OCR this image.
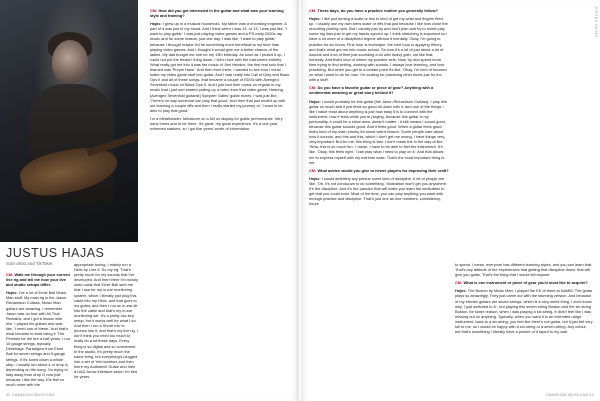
JUSTUS HAJAS
Solo artist and TikToker

CM: Walk me through your current live rig and tell me how your live and studio setups differ.

Hajas: I've a lot of Ernie Ball Music Man stuff. My main rig is the Jason Richardson Cutlass, Music Man guitars are amazing. I remember Jason was on tour with All That Remains, and I got a lesson with him. I played his guitars and was like, 'I need one of these.' And that's what became to start using it. The Pennies for me are a half years. I run 10 gauge strings, typically Dimebags. Paradigms from Ernie Ball for seven strings and 9-gauge strings. If it's tuned down a whole step, I usually run about 4 or drop A, depending on the song. I'm trying to stay away from drop G now just because I like the way 10s feel so much more with the

appropriate tuning. I mainly run a Helix by Line 6. So my rig. That's pretty much for my sounds that I've developed. And then there I'm mostly used cable that Ernie Ball sent me that I use for my in-ear monitoring system, which I literally just plug this cable into my Helix, and that goes to my guitar, and then I run an in-ear kit into the cable and that's my in-ear monitoring set. It's a pretty low-key setup, but it works well for what I do. And then I run a Shure mic to phones into it, and that's my live rig. I don't think you need too much to really do a lot these days. Every thing is so digital and so convenient. In the studio, it's pretty much the same thing, but everything's plugged into a set of Yeti monitors and then there my Audiotech Guitar and then a UAD Arrow interface which I'm tied for years.

CM: How did you get interested in the guitar and what was your learning style and training?

Hajas: I grew up in a musical household. My father was a recording engineer. A part of it was just in my blood. And I think when I was 13, or 13, I was just like, 'I want to play guitar.' I was just playing video games and a PS-early 2000s rap music and for some reason, just one day, I was like, 'I want to play guitar,' because I thought maybe it'd be something more beneficial to my time than playing video games. And I thought it would give me a better chance of the ladies. My dad bought me one for my 13th birthday. As soon as I picked it up, I could not put the freakin' thing down. I fell in love with the instrument entirely. What really got me into it was the music of Jimi Hendrix; the first real solo that I learned was 'Purple Haze.' And then from there, I wanted to see how I could make my video game stuff into guitar. And I was really into Call of Duty and Black Ops II and all of these songs, that became a couple of EDGs with Avenged Sevenfold music on Black Ops II. And I just had their music on regular in my music that I just sort started putting up a video from that video game. Hearing [Avenged Sevenfold guitarist] Synyster Gates' guitar riches, I was just like, 'There's no way someone can play that good.' And then that just ended up with me learning a couple riffs and then I really started my journey of, 'I want to be able to play that good.'

I'm a Metalheader. Metalcore on a full on display for guitar performance. Very early forms and to be there. It's great, my great experience. It's a one year schemed stations, so I got five years' worth of information.

32 CANADIAN MUSICIAN

CM: These days, do you have a practice routine you generally follow?

Hajas: I like just turning a scale or two to kind of get my wrist and fingers fired up. I usually use my own arms scale or riffs that just because I like how close the recording picking runs. But I usually just try and don't plan and try to shred play some big licks just to get my hands synced up. I think stretching is important so I have a lot more of a disciplined regime without it mentally. Okay, I'm going to practice for six hours. First hour is technique, the next hour is applying theory, and that's what got me into music school. So now it's a lot of just about a lot of sounds and a lot of time just sounding a lot with heavy gain, old like that, honestly. And that's kind of where my practice sets. Now, try and spend more time trying to find writing, working with sounds. I always love learning, and love practicing. But when you get to a certain point it's like, 'Okay, I'm kind of focused on what I want to do for now.' I'm looking for practicing other times just for fun with a stuff.

CM: Do you have a favorite guitar or piece of gear? Anything with a sentimental meaning or great story behind it?

Hajas: I would probably be this guitar [the Jason Richardson Cutlass]. I play this guitar so much and it just feels so good all down with it, and one of the things I like I value most about anything is just how easy it is to connect with the instrument, how it feels while you're playing, because this guitar is my personality, it could be a show area, doesn't matter - it still means I sound good, because this guitar sounds good. And it feels good. When a guitar feels good, that's kind of my main priority for some weird reason. Some people care about how it sounds, and this and this, which I don't get me wrong, I have things very, very important. But for me, this thing is fast. I don't mean the in the way of like, 'Wow, this is so much fun.' I mean, I have to be able to feel the instrument. It's like, 'Okay, this feels right.' I can play what I need to play on it.' And that allows me to express myself with my extreme ease. That's the most important thing to me.

CM: What advice would you give to newer players for improving their craft?

Hajas: I would definitely say pursue some kind of discipline. A lot of people are like, 'Oh, it's not conducive to do something.' Motivation won't get you anywhere. It's the discipline. And it's the passion that will make you learn the dedication to get that you could exist. Most of the time, you can play anything you want with enough practice and discipline. That's just one as one numbers, consistency, hours

to spend. I mean, everyone has different learning styles, and you can learn that. That's any attitude of the experiences that getting that discipline down, that will give you goals. That's the thing that I would tell anyone.

CM: What is one instrument or piece of gear you'd most like to acquire?

Hajas: The Boston by Music Man. I played the EK of them at NAMM. The guitar plays so amazingly. They just came out with the stunning version. And because of my electric guitars are seven strings, which is a very weird thing. I don't know why. I just switched to 6 - but playing this seven string Boston and the six string Boston, for some reason, when I was playing a six-string, it didn't feel like I was missing out on anything. Typically, when you want it in an extended range instrument, back to a six-string, you feel like there's not guitar, but it just felt very full to me, so I would be happy with a six-string or a seven-string. Any colour, but that's something I literally have a picture of it taped to my wall.

JUSTUS HAJAS
CANADIAN MUSICIAN 33
